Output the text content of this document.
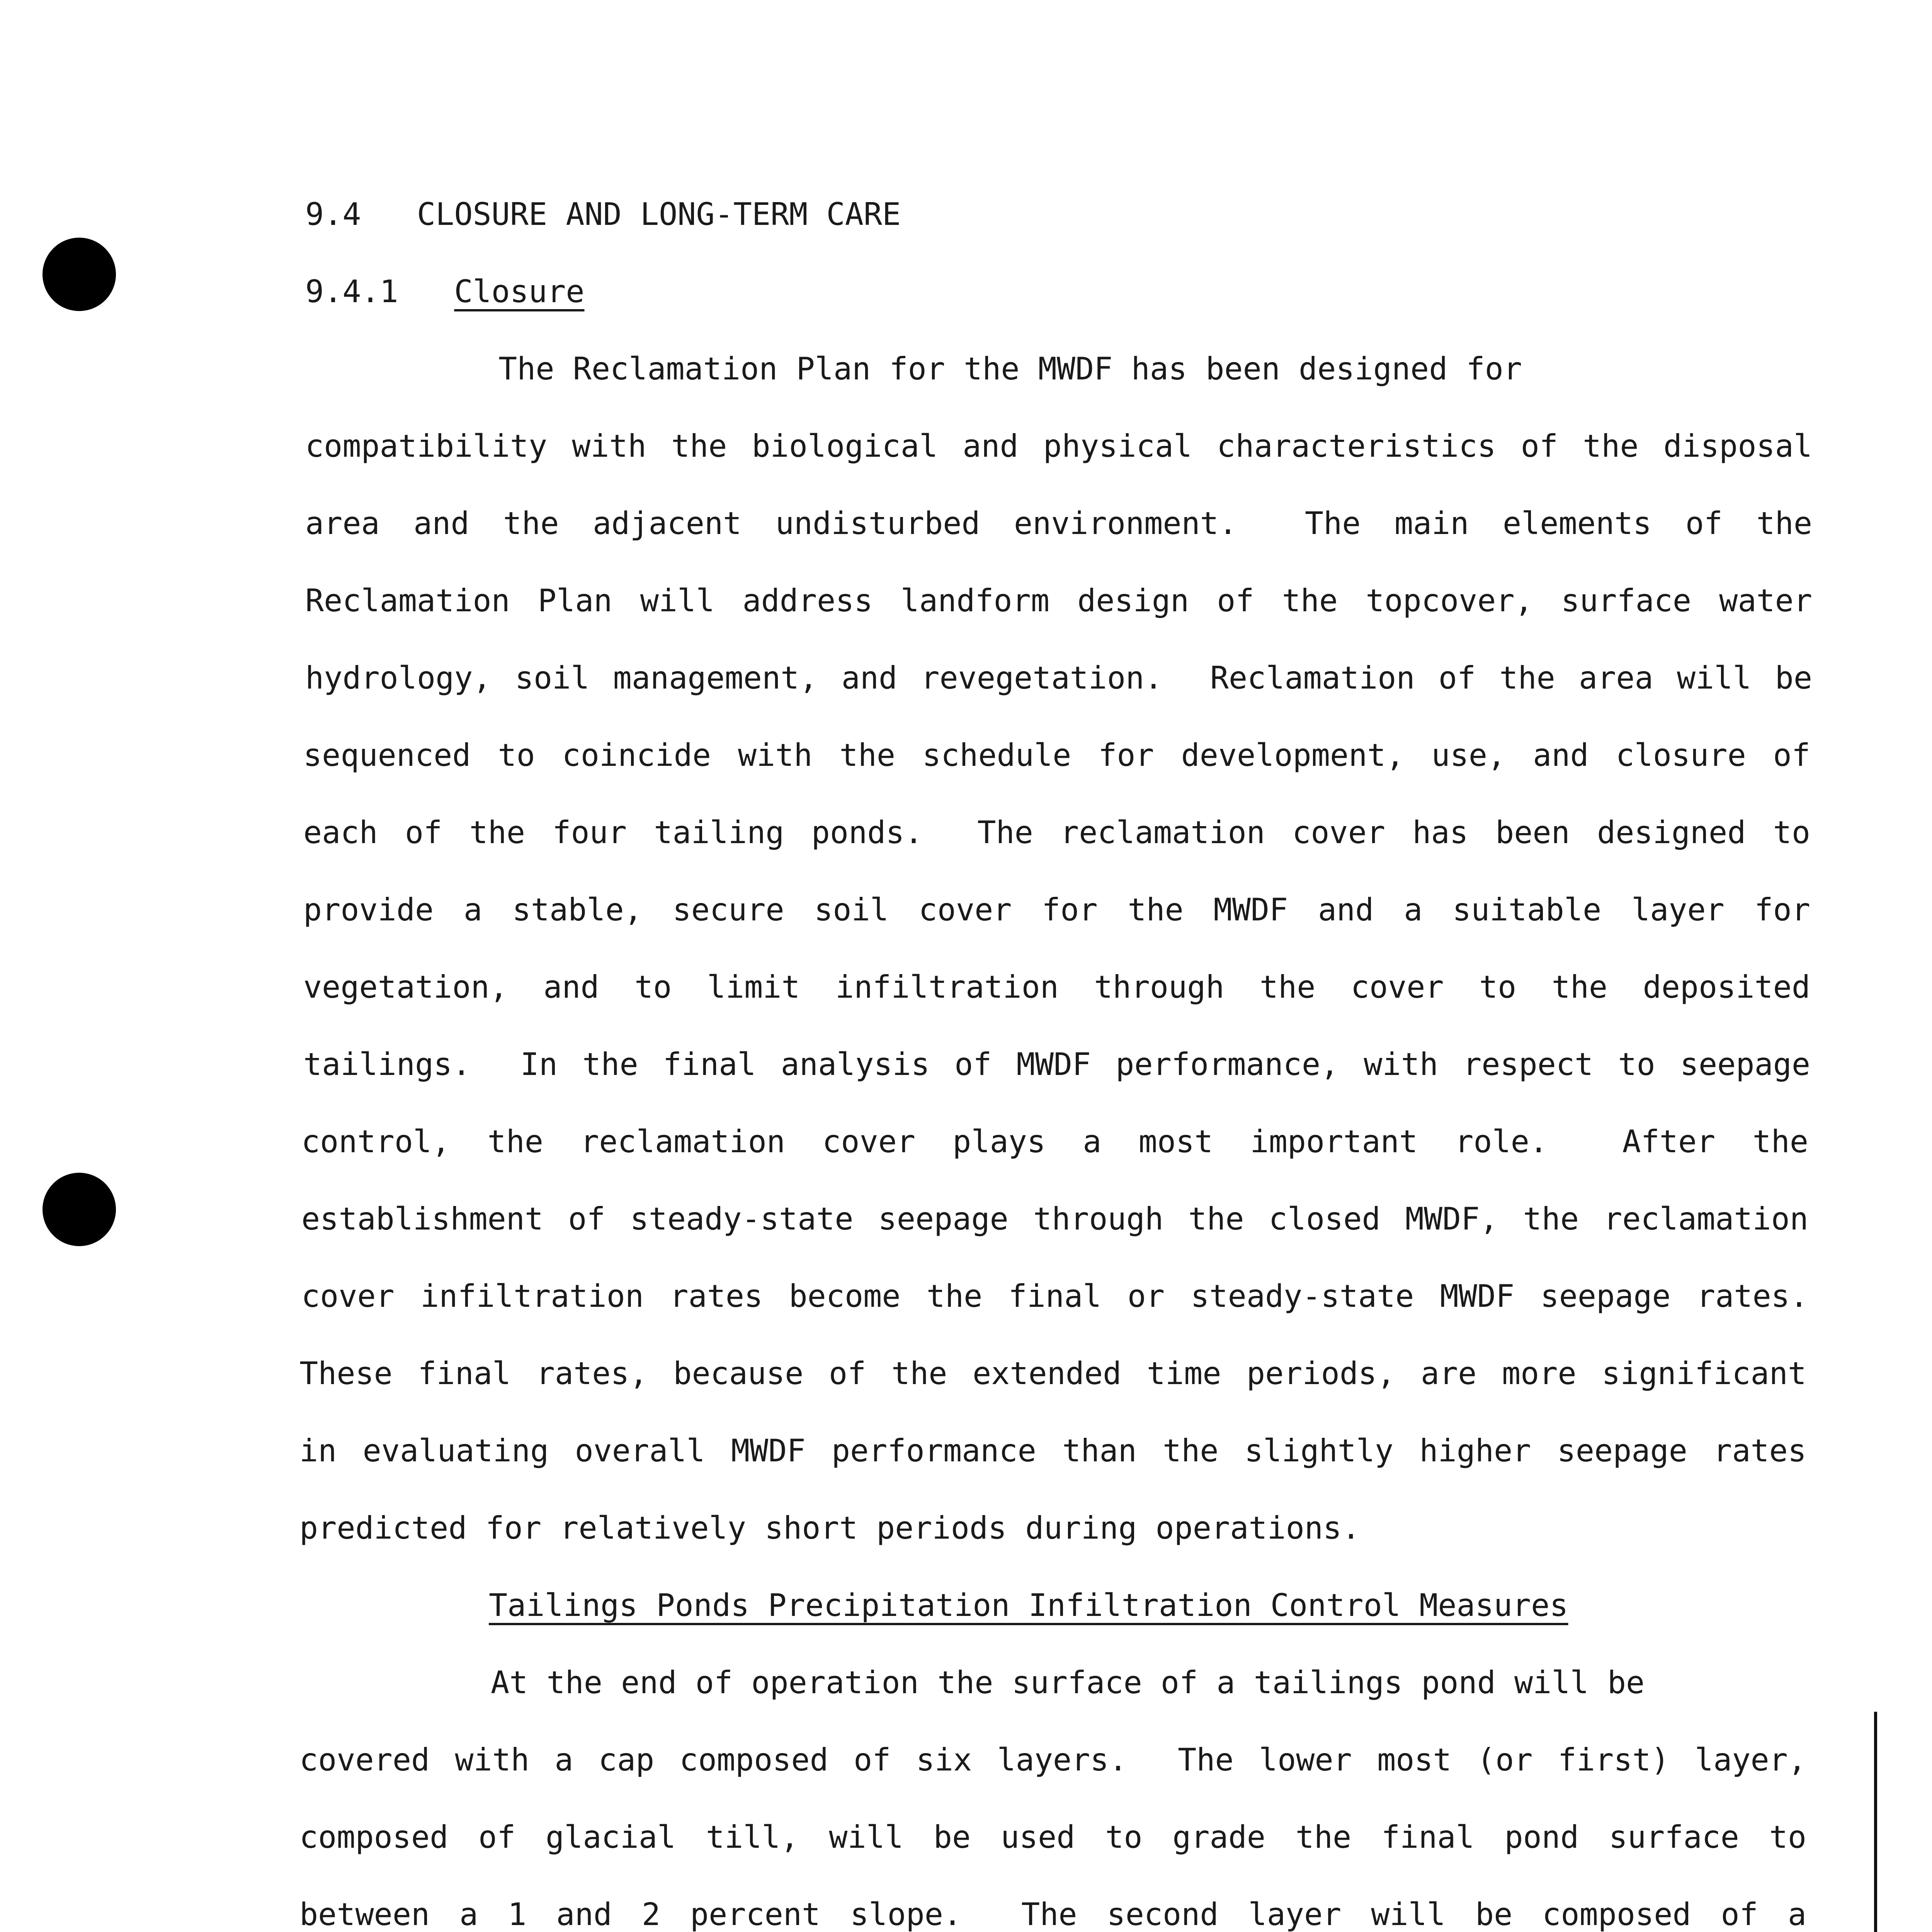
9.4 CLOSURE AND LONG-TERM CARE
9.4.1 Closure
The Reclamation Plan for the MWDF has been designed for
compatibility with the biological and physical characteristics of the disposal
area and the adjacent undisturbed environment.  The main elements of the
Reclamation Plan will address landform design of the topcover, surface water
hydrology, soil management, and revegetation.  Reclamation of the area will be
sequenced to coincide with the schedule for development, use, and closure of
each of the four tailing ponds.  The reclamation cover has been designed to
provide a stable, secure soil cover for the MWDF and a suitable layer for
vegetation, and to limit infiltration through the cover to the deposited
tailings.  In the final analysis of MWDF performance, with respect to seepage
control, the reclamation cover plays a most important role.  After the
establishment of steady-state seepage through the closed MWDF, the reclamation
cover infiltration rates become the final or steady-state MWDF seepage rates.
These final rates, because of the extended time periods, are more significant
in evaluating overall MWDF performance than the slightly higher seepage rates
predicted for relatively short periods during operations.
Tailings Ponds Precipitation Infiltration Control Measures
At the end of operation the surface of a tailings pond will be
covered with a cap composed of six layers.  The lower most (or first) layer,
composed of glacial till, will be used to grade the final pond surface to
between a 1 and 2 percent slope.  The second layer will be composed of a
